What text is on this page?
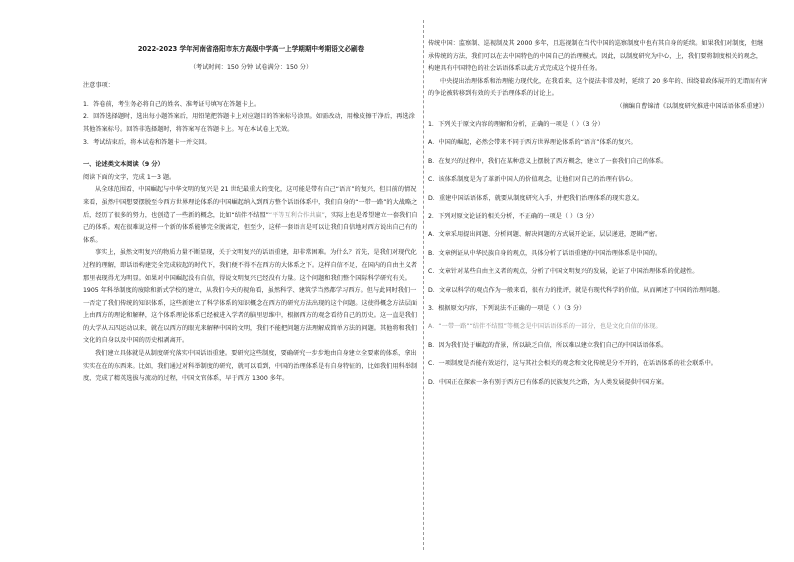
2022-2023 学年河南省洛阳市东方高级中学高一上学期期中考期语文必刷卷

（考试时间：150 分钟 试卷满分：150 分）

注意事项：

1．答卷前，考生务必将自己的姓名、准考证号填写在答题卡上。

2．回答选择题时，选出每小题答案后，用铅笔把答题卡上对应题目的答案标号涂黑。如需改动，用橡皮擦干净后，再选涂其他答案标号。回答非选择题时，将答案写在答题卡上。写在本试卷上无效。

3．考试结束后，将本试卷和答题卡一并交回。

一、论述类文本阅读（9 分）

阅读下面的文字，完成 1～3 题。

从全球范围看，中国崛起与中华文明的复兴是 21 世纪最重大的变化，这可能是带有自己“语言”的复兴，但目前的情况来看，虽然中国想要摆脱至今西方世界理论体系的中国崛起纳入到西方整个话语体系中，我们自身的“一带一路”的大战略之后，经历了很多的努力，也创造了一些新的概念，比如“结伴不结盟”“平等互利合作共赢”，实际上也是希望建立一套我们自己的体系。观在很难说这样一个新的体系能够完全脱离定，但至少，这样一套语言是可以让我们自信地对西方说出自己有的体系。

事实上，虽然文明复兴的物质力量不断显现，关于文明复兴的话语重建，却非常困难。为什么？首先，是我们对现代化过程的理解，即话语构建完全完成较起的时代下，我们便不得不在西方的大体系之下。这样自信不足，在国内的自由主义者那里表现得尤为明显。如果对中国崛起没有自信，得说文明复兴已经没有力量。这个问题和我们整个国际科学研究有关。1905 年科举制度的废除和新式学校的建立，从我们今天的视角看，虽然科学、建筑学当然都学习西方。但与此同时我们一一否定了我们传统的知识体系，这些新建立了科学体系的知识概念在西方的研究方法出现的这个问题。这使得概念方法层面上由西方的理论和解释，这个体系理论体系已经被进入学者的脑里思维中，根据西方的观念看待自己的历史。这一直是我们的大学从五四运动以来，就在以西方的眼光来解释中国的文明，我们不能把问题方法理解成简单方法的问题。其他将和我们文化的自身以及中国的历史相剥离开。

我们建立具体就是从制度研究落实中国话语重建。要研究这些制度，要确研究一步步地由自身建立全要素的体系，拿出实实在在的东西来。比如，我们通过对科举制度的研究，就可以看到，中国的治理体系是有自身特征的，比如我们用科举制度，完成了精英选拔与流动的过程，中国文官体系，早于西方 1300 多年。

传统中国：监察制、巡视制及其 2000 多年，且巡视制在当代中国的巡察制度中也有其自身的延续。如果我们对制度，但继承传统的方法，我们可以在去中国特色的中国自己的治理模式。因此，以制度研究为中心，上，我们要将制度相关的观念，构建具有中国特色的社会话语体系以此方式完成这个提升任务。

中央提出治理体系和治理能力现代化，在我看来，这个提法非常及时，延续了 20 多年的、围绕着政体展开的无谓而有害的争论被转移到有效的关于治理体系的讨论上。

（摘编自曹锦清《以制度研究推进中国话语体系重建》）

1．下列关于原文内容的理解和分析，正确的一项是（ ）（3 分）

A．中国的崛起，必然会带来不同于西方世界理论体系的“语言”体系的复兴。

B．在复兴的过程中，我们在某种意义上摆脱了西方概念，建立了一套我们自己的体系。

C．该体系制度是为了革新中国人的价值观念，让他们对自己的治理有信心。

D．重建中国话语体系，就要从制度研究入手，并把我们治理体系的现实意义。

2．下列对原文论证的相关分析，不正确的一项是（ ）（3 分）

A．文章采用提出问题、分析问题、解决问题的方式展开论证，层层递进，逻辑严密。

B．文章例证从中华民族自身的观点，具体分析了话语重建的中国治理体系是中国的。

C．文章针对某些自由主义者的观点，分析了中国文明复兴的发展，论证了中国治理体系的优越性。

D．文章以科学的观点作为一般来看，很有力的批评，就是有现代科学的价值，从而阐述了中国的治理问题。

3．根据原文内容，下列说法不正确的一项是（ ）（3 分）

A．“一带一路”“结伴不结盟”等概念是中国话语体系的一部分，也是文化自信的体现。

B．因为我们处于崛起的背景，所以缺乏自信，所以难以建立我们自己的中国话语体系。

C．一项制度是否能有效运行，这与其社会相关的观念和文化传统是分不开的，在话语体系的社会联系中。

D．中国正在探索一条有别于西方已有体系的民族复兴之路，为人类发展提供中国方案。
